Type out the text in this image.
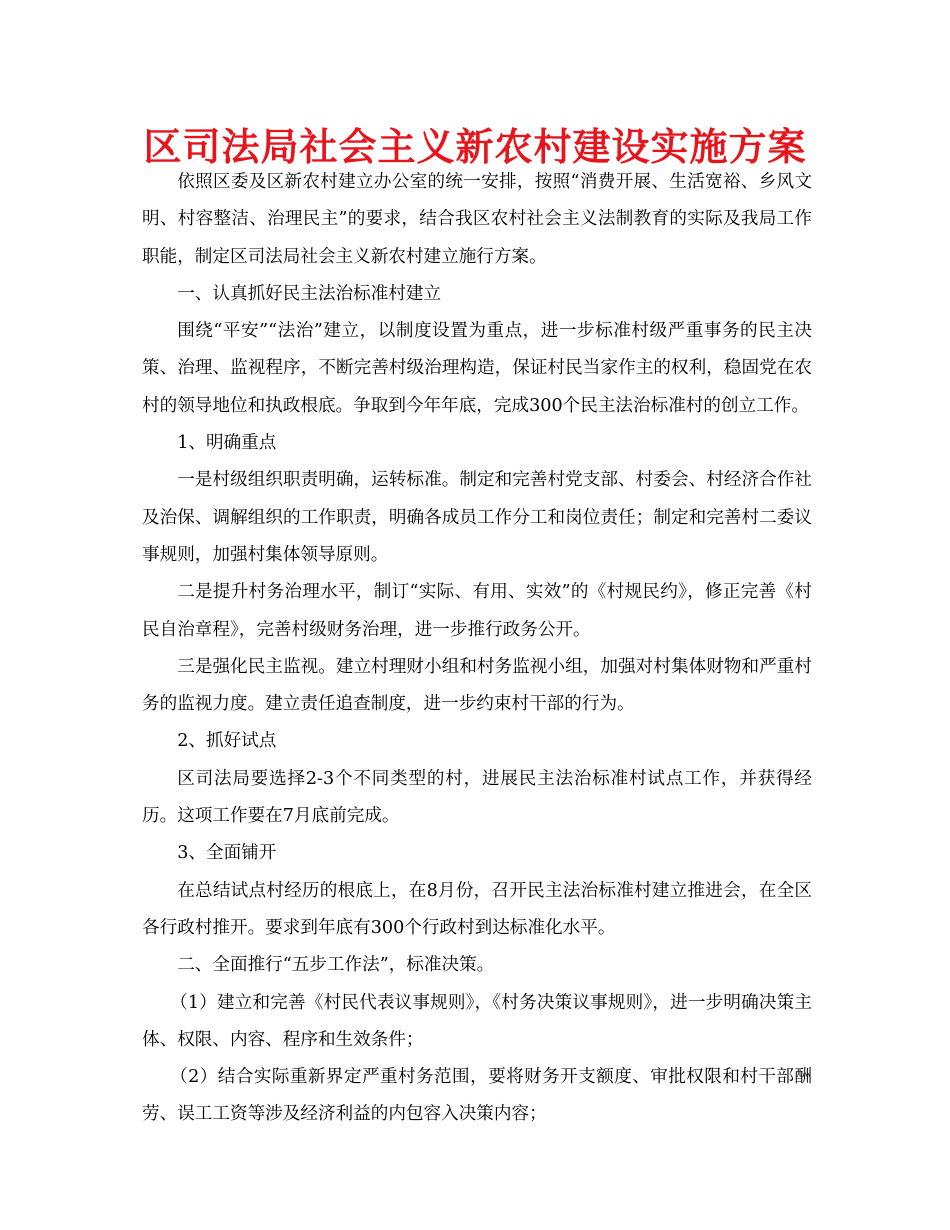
区司法局社会主义新农村建设实施方案

依照区委及区新农村建立办公室的统一安排，按照“消费开展、生活宽裕、乡风文明、村容整洁、治理民主”的要求，结合我区农村社会主义法制教育的实际及我局工作职能，制定区司法局社会主义新农村建立施行方案。

一、认真抓好民主法治标准村建立

围绕“平安”“法治”建立，以制度设置为重点，进一步标准村级严重事务的民主决策、治理、监视程序，不断完善村级治理构造，保证村民当家作主的权利，稳固党在农村的领导地位和执政根底。争取到今年年底，完成300个民主法治标准村的创立工作。

1、明确重点

一是村级组织职责明确，运转标准。制定和完善村党支部、村委会、村经济合作社及治保、调解组织的工作职责，明确各成员工作分工和岗位责任；制定和完善村二委议事规则，加强村集体领导原则。

二是提升村务治理水平，制订“实际、有用、实效”的《村规民约》，修正完善《村民自治章程》，完善村级财务治理，进一步推行政务公开。

三是强化民主监视。建立村理财小组和村务监视小组，加强对村集体财物和严重村务的监视力度。建立责任追查制度，进一步约束村干部的行为。

2、抓好试点

区司法局要选择2-3个不同类型的村，进展民主法治标准村试点工作，并获得经历。这项工作要在7月底前完成。

3、全面铺开

在总结试点村经历的根底上，在8月份，召开民主法治标准村建立推进会，在全区各行政村推开。要求到年底有300个行政村到达标准化水平。

二、全面推行“五步工作法”，标准决策。

（1）建立和完善《村民代表议事规则》，《村务决策议事规则》，进一步明确决策主体、权限、内容、程序和生效条件；

（2）结合实际重新界定严重村务范围，要将财务开支额度、审批权限和村干部酬劳、误工工资等涉及经济利益的内包容入决策内容；
